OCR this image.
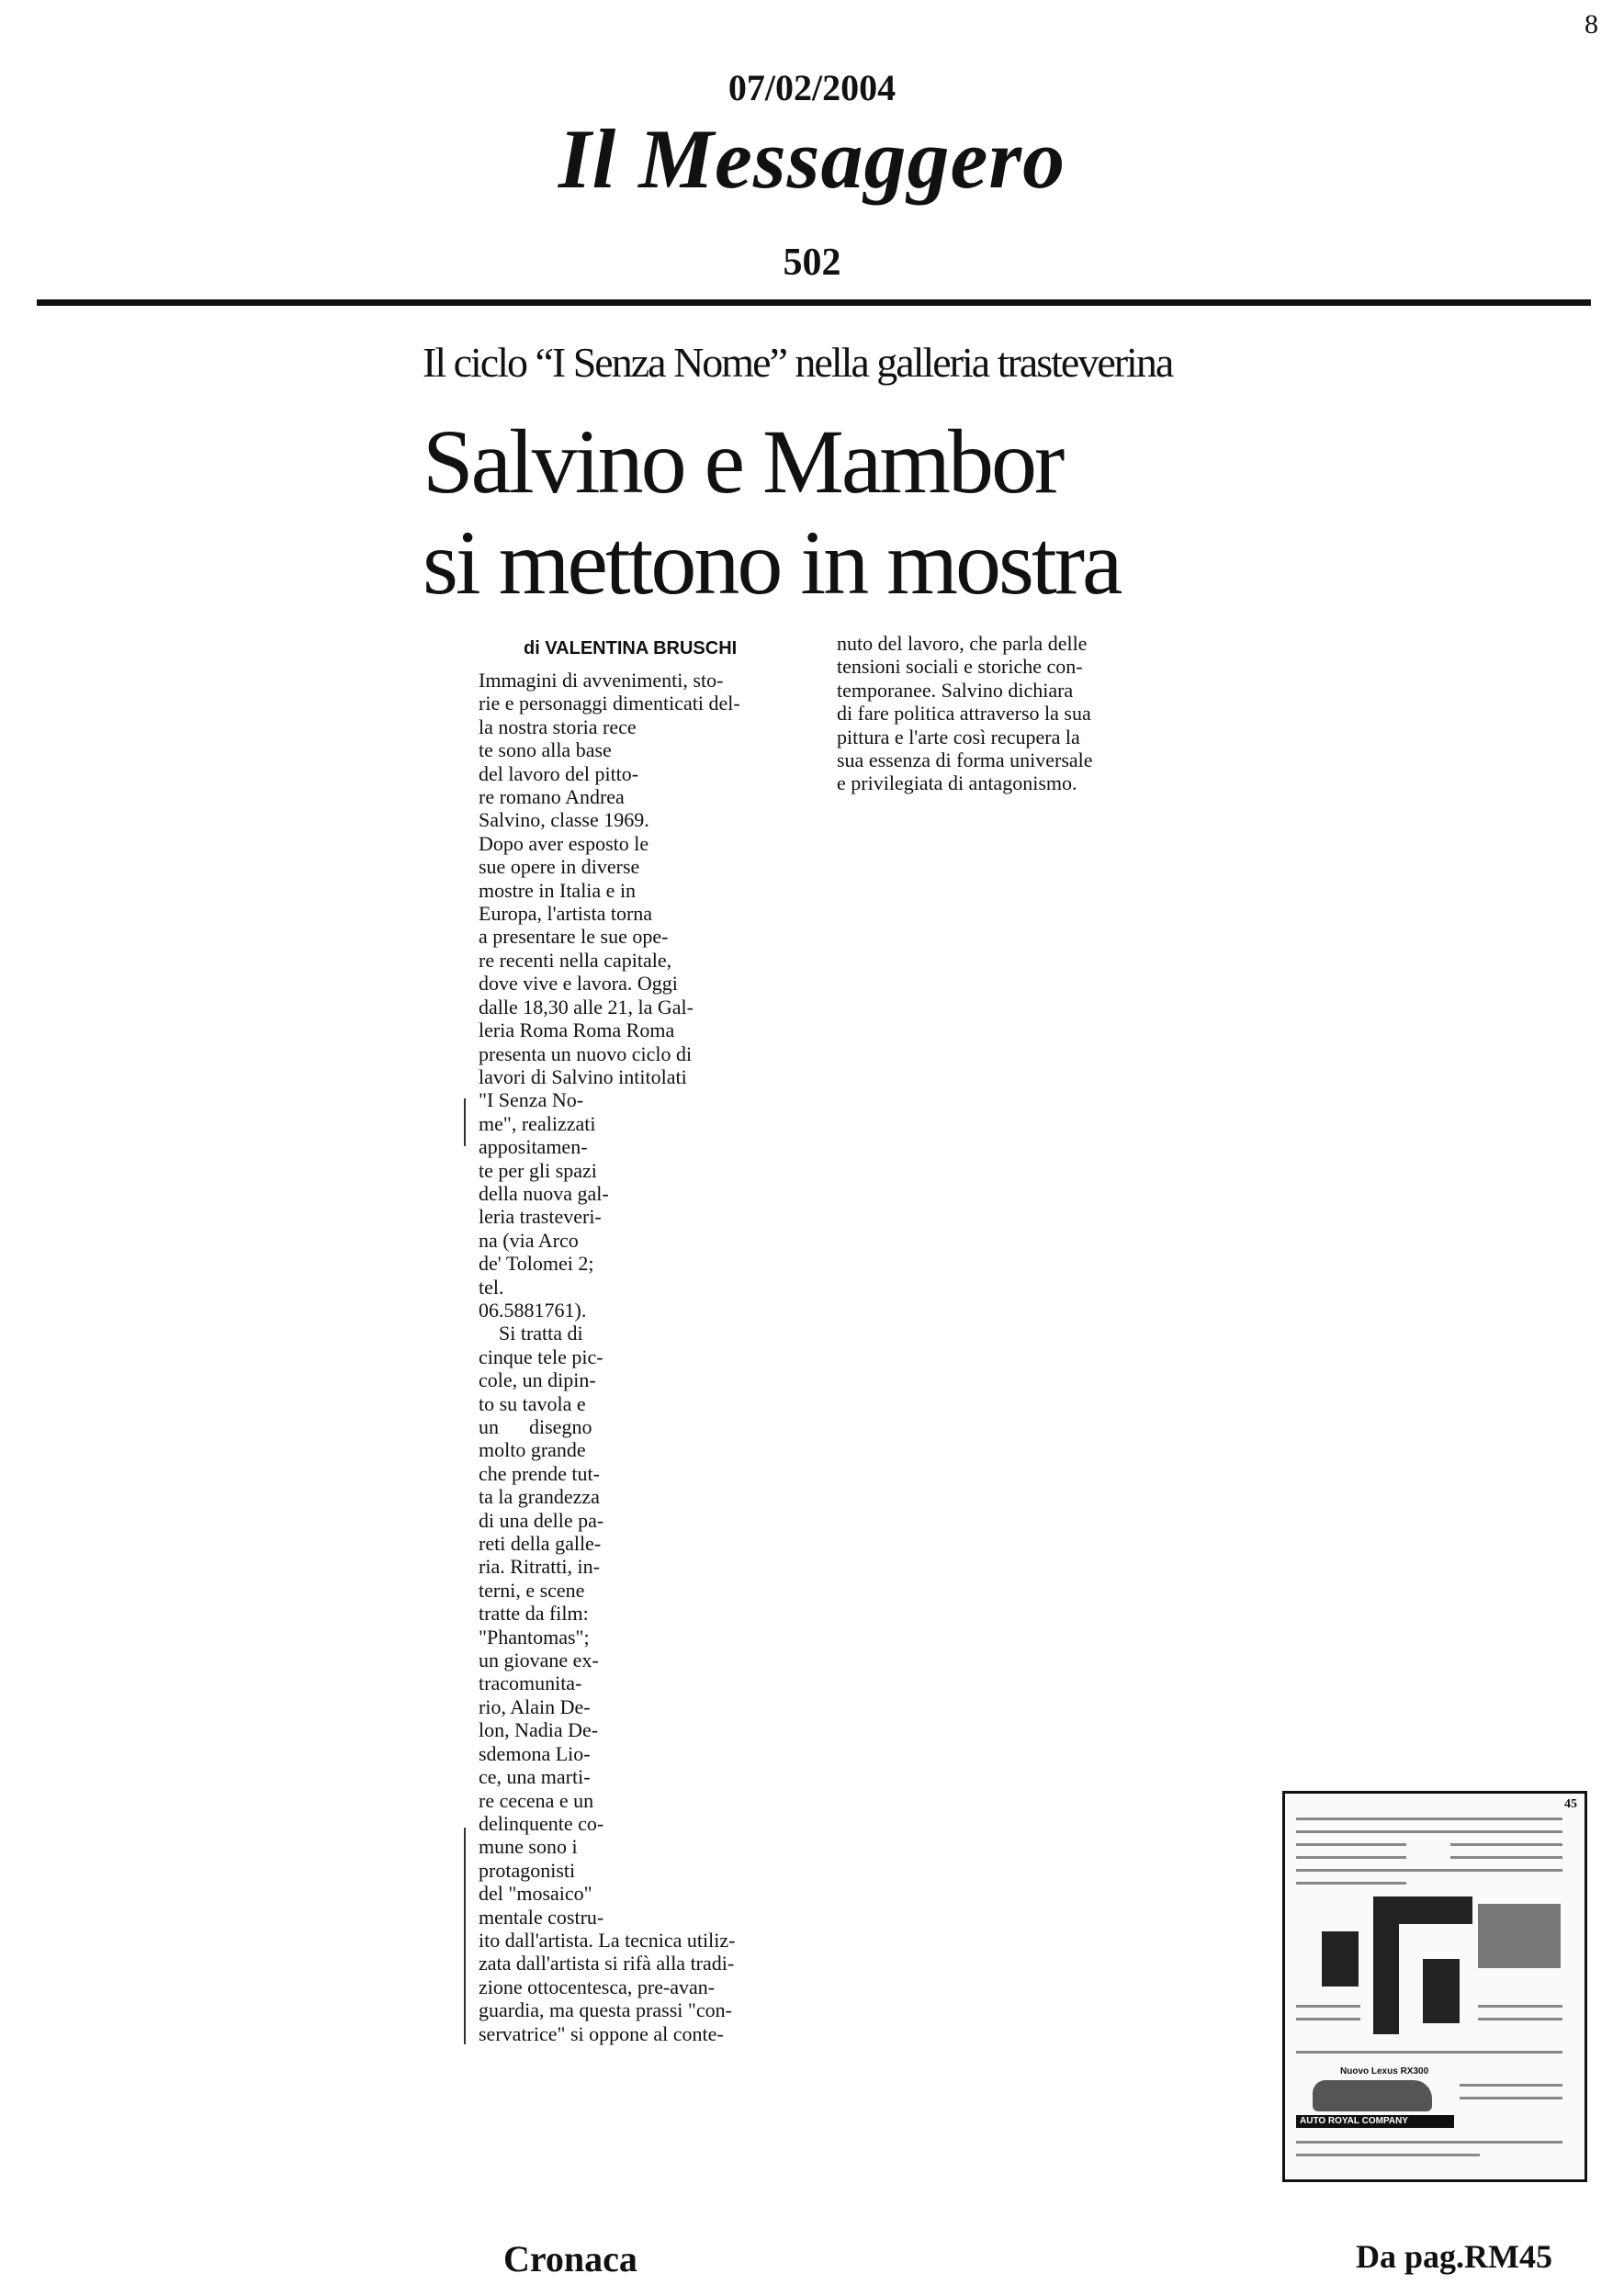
8
07/02/2004
Il Messaggero
502
Il ciclo “I Senza Nome” nella galleria trasteverina
Salvino e Mambor
si mettono in mostra
di VALENTINA BRUSCHI
Immagini di avvenimenti, sto-
rie e personaggi dimenticati del-
la nostra storia rece
te sono alla base
del lavoro del pitto-
re romano Andrea
Salvino, classe 1969.
Dopo aver esposto le
sue opere in diverse
mostre in Italia e in
Europa, l'artista torna
a presentare le sue ope-
re recenti nella capitale,
dove vive e lavora. Oggi
dalle 18,30 alle 21, la Gal-
leria Roma Roma Roma
presenta un nuovo ciclo di
lavori di Salvino intitolati
"I Senza No-
me", realizzati
appositamen-
te per gli spazi
della nuova gal-
leria trasteveri-
na (via Arco
de' Tolomei 2;
tel.
06.5881761).
Si tratta di
cinque tele pic-
cole, un dipin-
to su tavola e
un      disegno
molto grande
che prende tut-
ta la grandezza
di una delle pa-
reti della galle-
ria. Ritratti, in-
terni, e scene
tratte da film:
"Phantomas";
un giovane ex-
tracomunita-
rio, Alain De-
lon, Nadia De-
sdemona Lio-
ce, una marti-
re cecena e un
delinquente co-
mune sono i
protagonisti
del "mosaico"
mentale costru-
ito dall'artista. La tecnica utiliz-
zata dall'artista si rifà alla tradi-
zione ottocentesca, pre-avan-
guardia, ma questa prassi "con-
servatrice" si oppone al conte-
nuto del lavoro, che parla delle
tensioni sociali e storiche con-
temporanee. Salvino dichiara
di fare politica attraverso la sua
pittura e l'arte così recupera la
sua essenza di forma universale
e privilegiata di antagonismo.
Cronaca	Da pag.RM45
45
Nuovo Lexus RX300
AUTO ROYAL COMPANY
